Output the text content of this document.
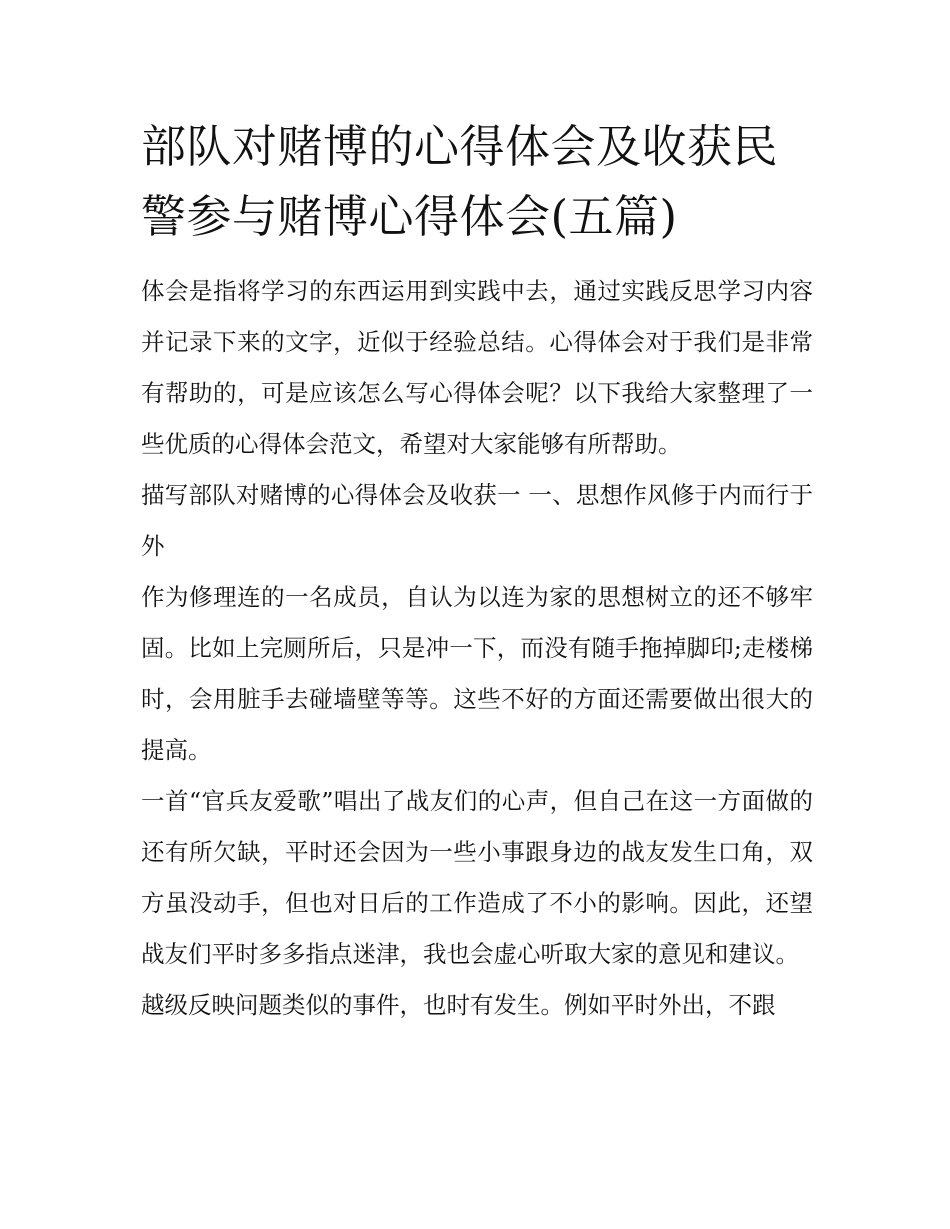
部队对赌博的心得体会及收获民警参与赌博心得体会(五篇)

体会是指将学习的东西运用到实践中去，通过实践反思学习内容并记录下来的文字，近似于经验总结。心得体会对于我们是非常有帮助的，可是应该怎么写心得体会呢？以下我给大家整理了一些优质的心得体会范文，希望对大家能够有所帮助。

描写部队对赌博的心得体会及收获一 一、思想作风修于内而行于外

作为修理连的一名成员，自认为以连为家的思想树立的还不够牢固。比如上完厕所后，只是冲一下，而没有随手拖掉脚印;走楼梯时，会用脏手去碰墙壁等等。这些不好的方面还需要做出很大的提高。

一首“官兵友爱歌”唱出了战友们的心声，但自己在这一方面做的还有所欠缺，平时还会因为一些小事跟身边的战友发生口角，双方虽没动手，但也对日后的工作造成了不小的影响。因此，还望战友们平时多多指点迷津，我也会虚心听取大家的意见和建议。

越级反映问题类似的事件，也时有发生。例如平时外出，不跟
